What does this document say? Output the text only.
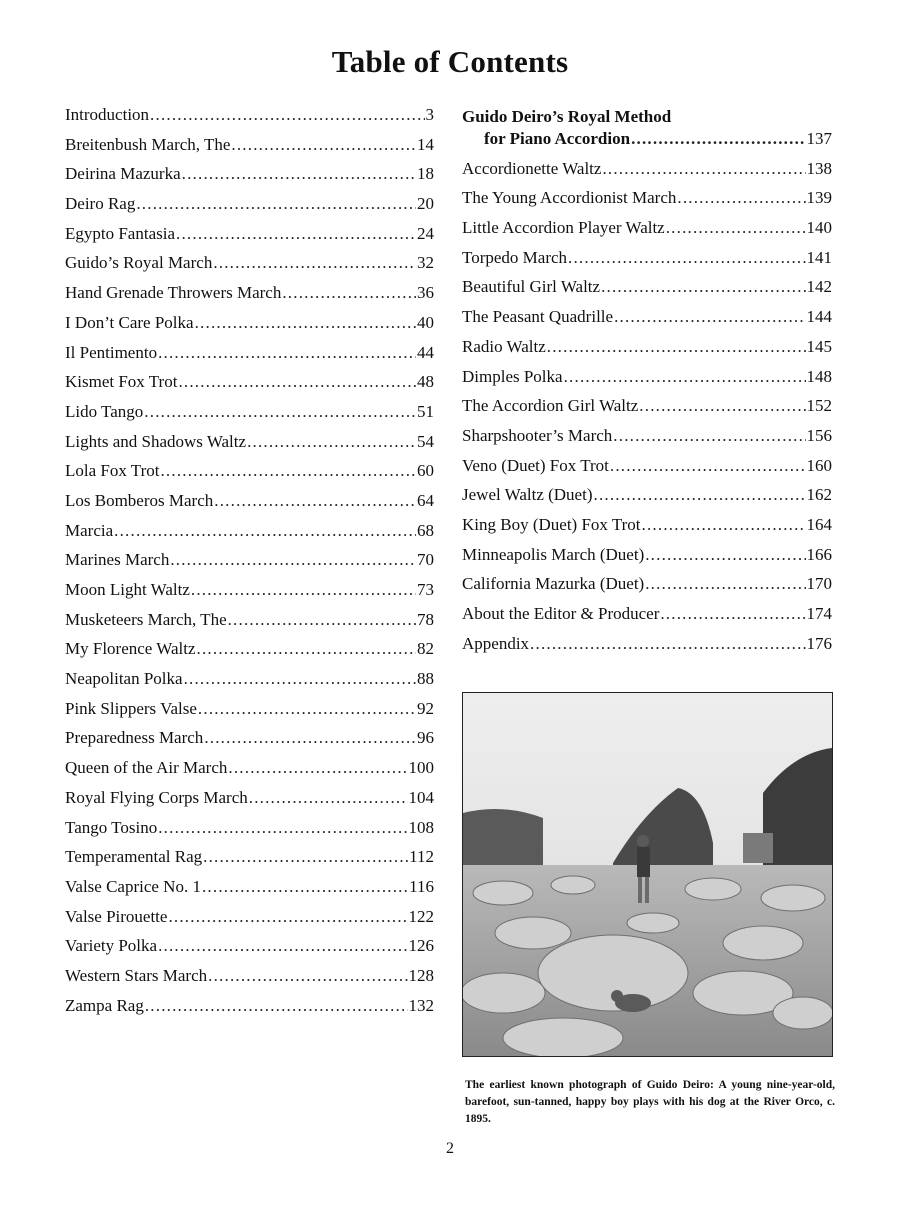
Table of Contents
Introduction .....	3
Breitenbush March, The .....	14
Deirina Mazurka .....	18
Deiro Rag .....	20
Egypto Fantasia .....	24
Guido’s Royal March .....	32
Hand Grenade Throwers March .....	36
I Don’t Care Polka .....	40
Il Pentimento .....	44
Kismet Fox Trot .....	48
Lido Tango .....	51
Lights and Shadows Waltz .....	54
Lola Fox Trot .....	60
Los Bomberos March .....	64
Marcia .....	68
Marines March .....	70
Moon Light Waltz .....	73
Musketeers March, The .....	78
My Florence Waltz .....	82
Neapolitan Polka .....	88
Pink Slippers Valse .....	92
Preparedness March .....	96
Queen of the Air March .....	100
Royal Flying Corps March .....	104
Tango Tosino .....	108
Temperamental Rag .....	112
Valse Caprice No. 1 .....	116
Valse Pirouette .....	122
Variety Polka .....	126
Western Stars March .....	128
Zampa Rag .....	132
Guido Deiro’s Royal Method
for Piano Accordion .....	137
Accordionette Waltz .....	138
The Young Accordionist March .....	139
Little Accordion Player Waltz .....	140
Torpedo March .....	141
Beautiful Girl Waltz .....	142
The Peasant Quadrille .....	144
Radio Waltz .....	145
Dimples Polka .....	148
The Accordion Girl Waltz .....	152
Sharpshooter’s March .....	156
Veno (Duet) Fox Trot .....	160
Jewel Waltz (Duet) .....	162
King Boy (Duet) Fox Trot .....	164
Minneapolis March (Duet) .....	166
California Mazurka (Duet) .....	170
About the Editor & Producer .....	174
Appendix .....	176
The earliest known photograph of Guido Deiro: A young nine-year-old, barefoot, sun-tanned, happy boy plays with his dog at the River Orco, c. 1895.
2
